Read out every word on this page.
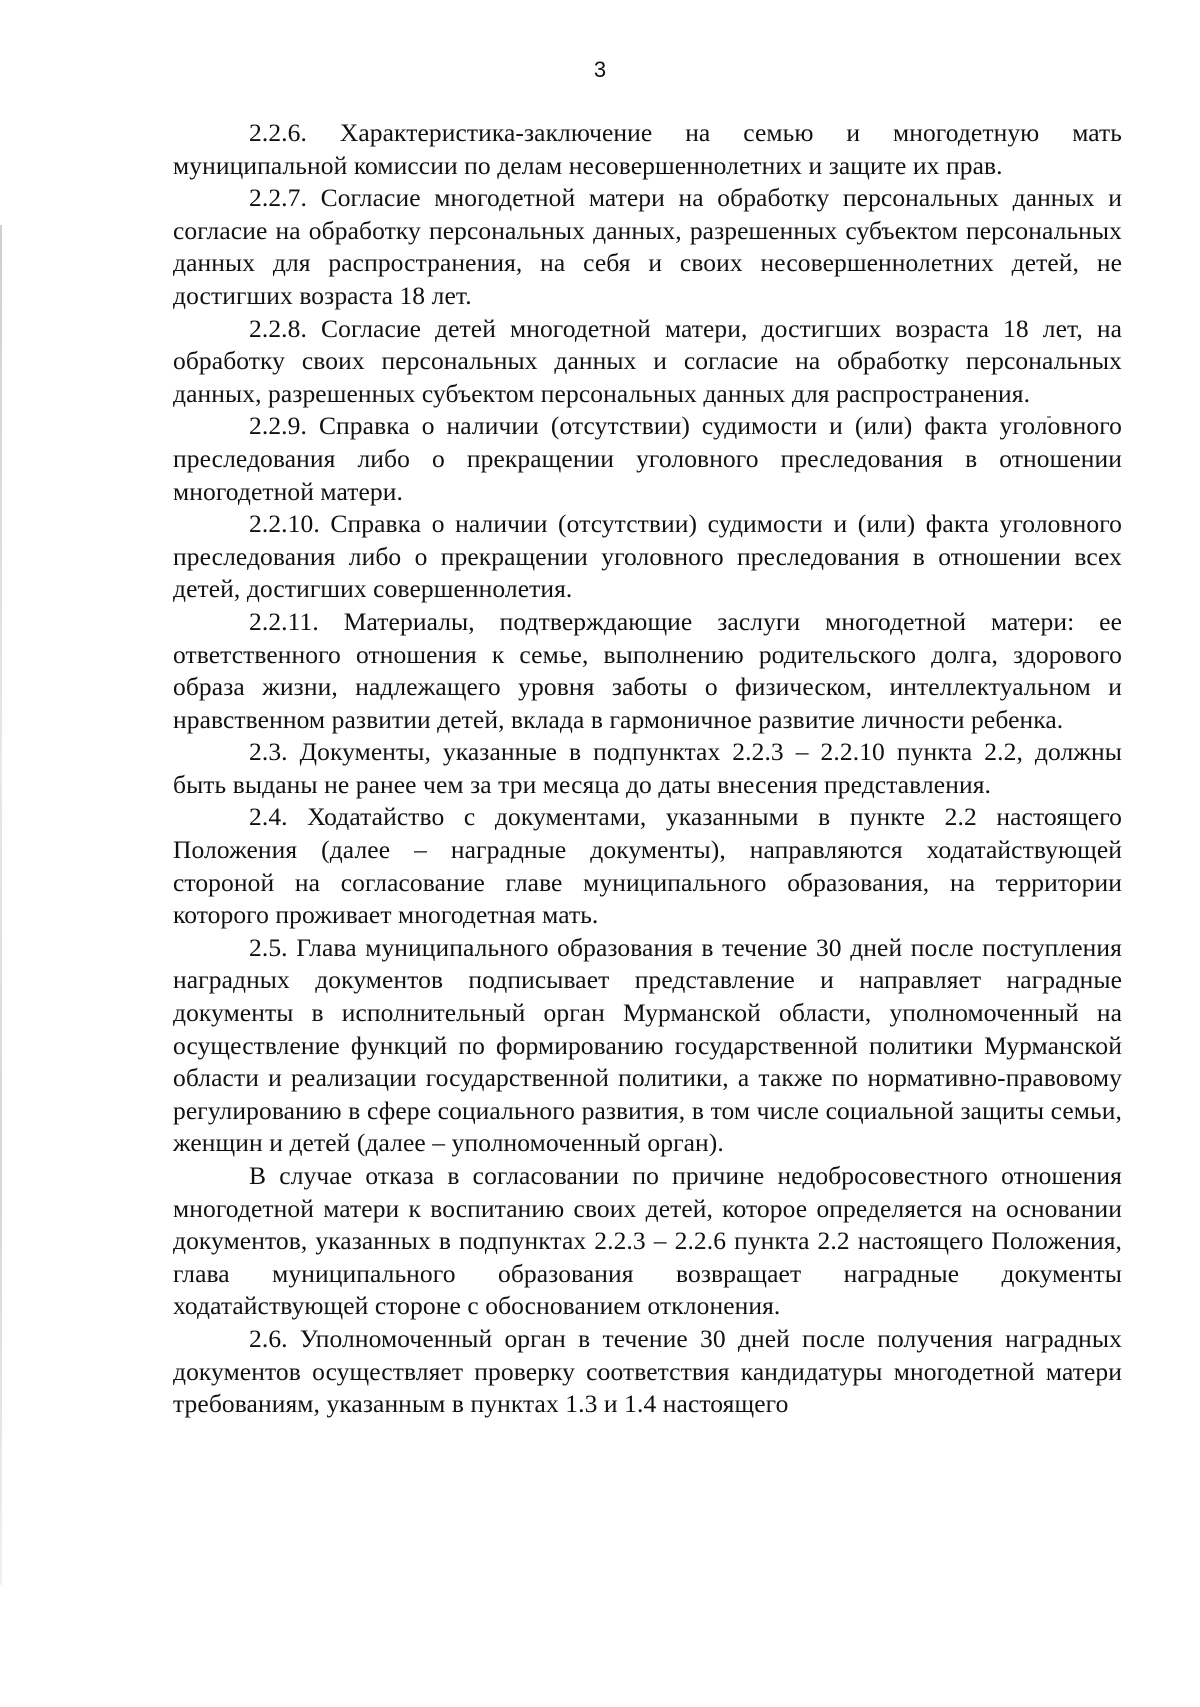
3

2.2.6. Характеристика-заключение на семью и многодетную мать муниципальной комиссии по делам несовершеннолетних и защите их прав.

2.2.7. Согласие многодетной матери на обработку персональных данных и согласие на обработку персональных данных, разрешенных субъектом персональных данных для распространения, на себя и своих несовершеннолетних детей, не достигших возраста 18 лет.

2.2.8. Согласие детей многодетной матери, достигших возраста 18 лет, на обработку своих персональных данных и согласие на обработку персональных данных, разрешенных субъектом персональных данных для распространения.

2.2.9. Справка о наличии (отсутствии) судимости и (или) факта уголовного преследования либо о прекращении уголовного преследования в отношении многодетной матери.

2.2.10. Справка о наличии (отсутствии) судимости и (или) факта уголовного преследования либо о прекращении уголовного преследования в отношении всех детей, достигших совершеннолетия.

2.2.11. Материалы, подтверждающие заслуги многодетной матери: ее ответственного отношения к семье, выполнению родительского долга, здорового образа жизни, надлежащего уровня заботы о физическом, интеллектуальном и нравственном развитии детей, вклада в гармоничное развитие личности ребенка.

2.3. Документы, указанные в подпунктах 2.2.3 – 2.2.10 пункта 2.2, должны быть выданы не ранее чем за три месяца до даты внесения представления.

2.4. Ходатайство с документами, указанными в пункте 2.2 настоящего Положения (далее – наградные документы), направляются ходатайствующей стороной на согласование главе муниципального образования, на территории которого проживает многодетная мать.

2.5. Глава муниципального образования в течение 30 дней после поступления наградных документов подписывает представление и направляет наградные документы в исполнительный орган Мурманской области, уполномоченный на осуществление функций по формированию государственной политики Мурманской области и реализации государственной политики, а также по нормативно-правовому регулированию в сфере социального развития, в том числе социальной защиты семьи, женщин и детей (далее – уполномоченный орган).

В случае отказа в согласовании по причине недобросовестного отношения многодетной матери к воспитанию своих детей, которое определяется на основании документов, указанных в подпунктах 2.2.3 – 2.2.6 пункта 2.2 настоящего Положения, глава муниципального образования возвращает наградные документы ходатайствующей стороне с обоснованием отклонения.

2.6. Уполномоченный орган в течение 30 дней после получения наградных документов осуществляет проверку соответствия кандидатуры многодетной матери требованиям, указанным в пунктах 1.3 и 1.4 настоящего
